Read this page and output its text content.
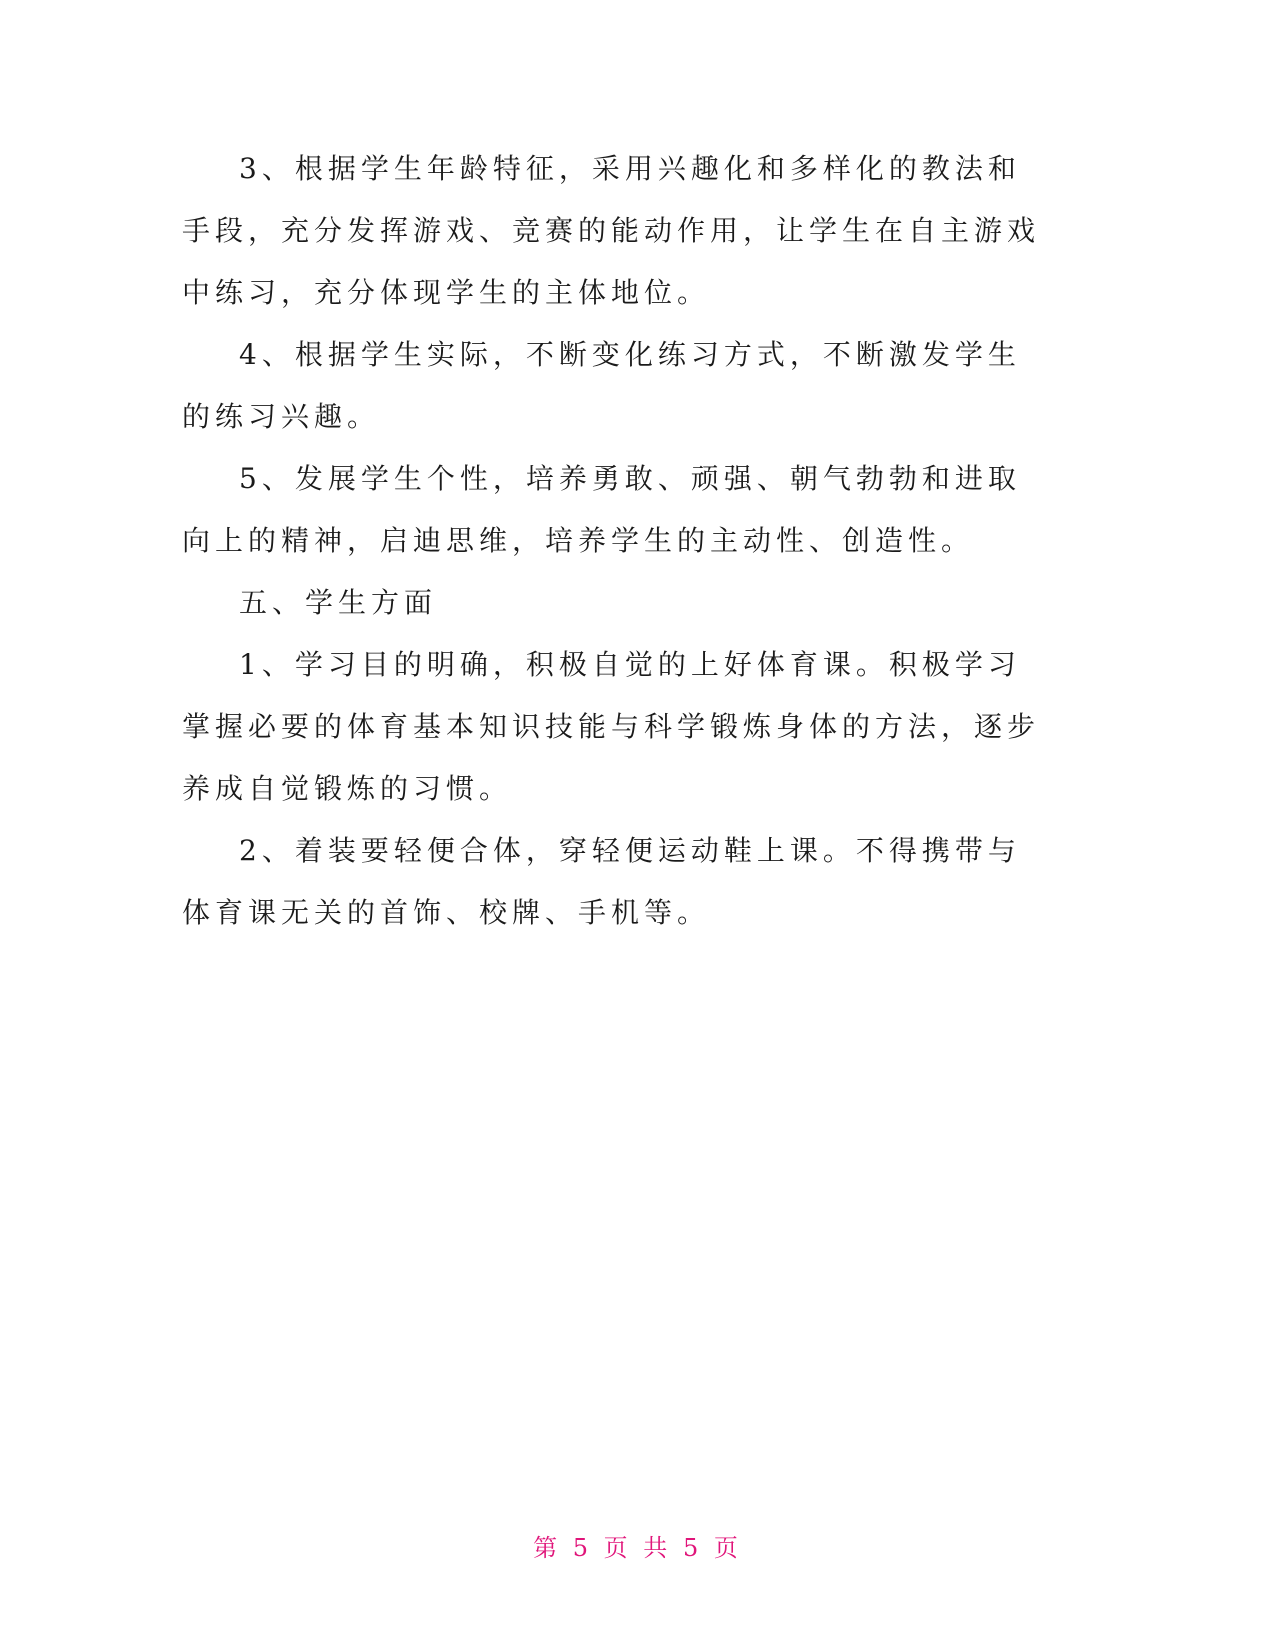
3、根据学生年龄特征，采用兴趣化和多样化的教法和手段，充分发挥游戏、竞赛的能动作用，让学生在自主游戏中练习，充分体现学生的主体地位。

4、根据学生实际，不断变化练习方式，不断激发学生的练习兴趣。

5、发展学生个性，培养勇敢、顽强、朝气勃勃和进取向上的精神，启迪思维，培养学生的主动性、创造性。

五、学生方面

1、学习目的明确，积极自觉的上好体育课。积极学习掌握必要的体育基本知识技能与科学锻炼身体的方法，逐步养成自觉锻炼的习惯。

2、着装要轻便合体，穿轻便运动鞋上课。不得携带与体育课无关的首饰、校牌、手机等。

第 5 页 共 5 页
